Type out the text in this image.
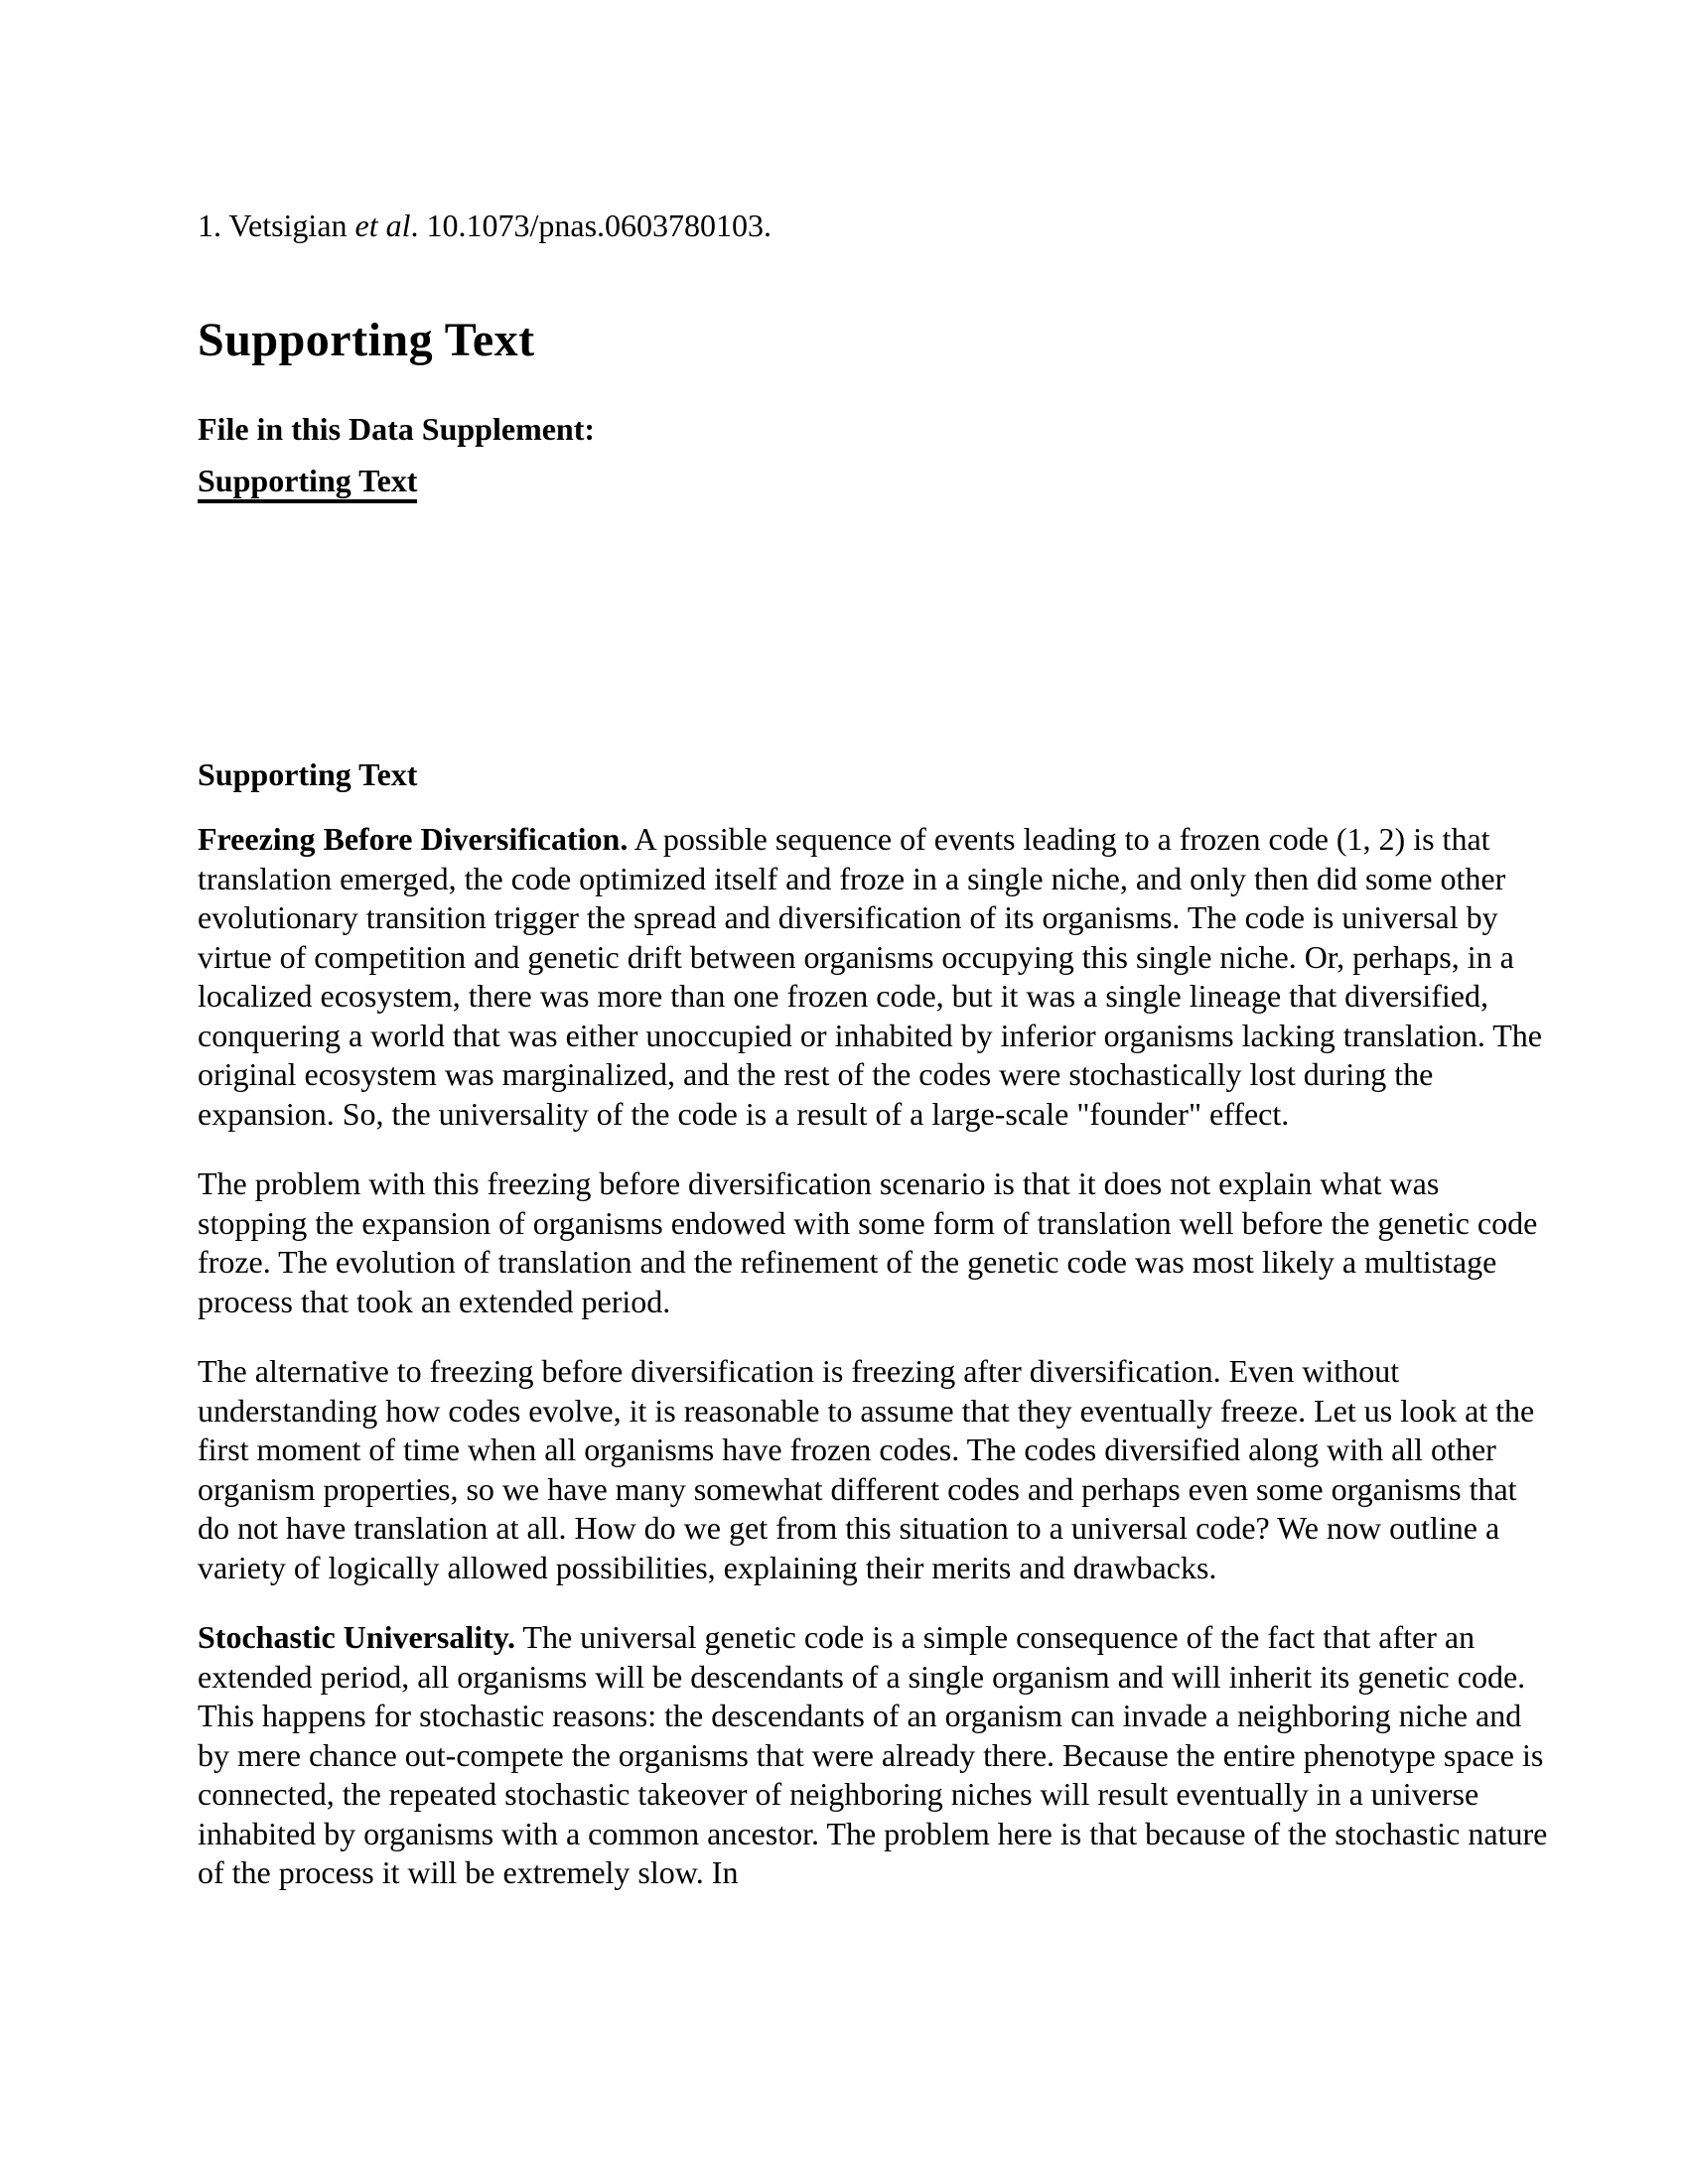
1. Vetsigian et al. 10.1073/pnas.0603780103.

Supporting Text

File in this Data Supplement:

Supporting Text

Supporting Text

Freezing Before Diversification. A possible sequence of events leading to a frozen code (1, 2) is that translation emerged, the code optimized itself and froze in a single niche, and only then did some other evolutionary transition trigger the spread and diversification of its organisms. The code is universal by virtue of competition and genetic drift between organisms occupying this single niche. Or, perhaps, in a localized ecosystem, there was more than one frozen code, but it was a single lineage that diversified, conquering a world that was either unoccupied or inhabited by inferior organisms lacking translation. The original ecosystem was marginalized, and the rest of the codes were stochastically lost during the expansion. So, the universality of the code is a result of a large-scale "founder" effect.

The problem with this freezing before diversification scenario is that it does not explain what was stopping the expansion of organisms endowed with some form of translation well before the genetic code froze. The evolution of translation and the refinement of the genetic code was most likely a multistage process that took an extended period.

The alternative to freezing before diversification is freezing after diversification. Even without understanding how codes evolve, it is reasonable to assume that they eventually freeze. Let us look at the first moment of time when all organisms have frozen codes. The codes diversified along with all other organism properties, so we have many somewhat different codes and perhaps even some organisms that do not have translation at all. How do we get from this situation to a universal code? We now outline a variety of logically allowed possibilities, explaining their merits and drawbacks.

Stochastic Universality. The universal genetic code is a simple consequence of the fact that after an extended period, all organisms will be descendants of a single organism and will inherit its genetic code. This happens for stochastic reasons: the descendants of an organism can invade a neighboring niche and by mere chance out-compete the organisms that were already there. Because the entire phenotype space is connected, the repeated stochastic takeover of neighboring niches will result eventually in a universe inhabited by organisms with a common ancestor. The problem here is that because of the stochastic nature of the process it will be extremely slow. In
